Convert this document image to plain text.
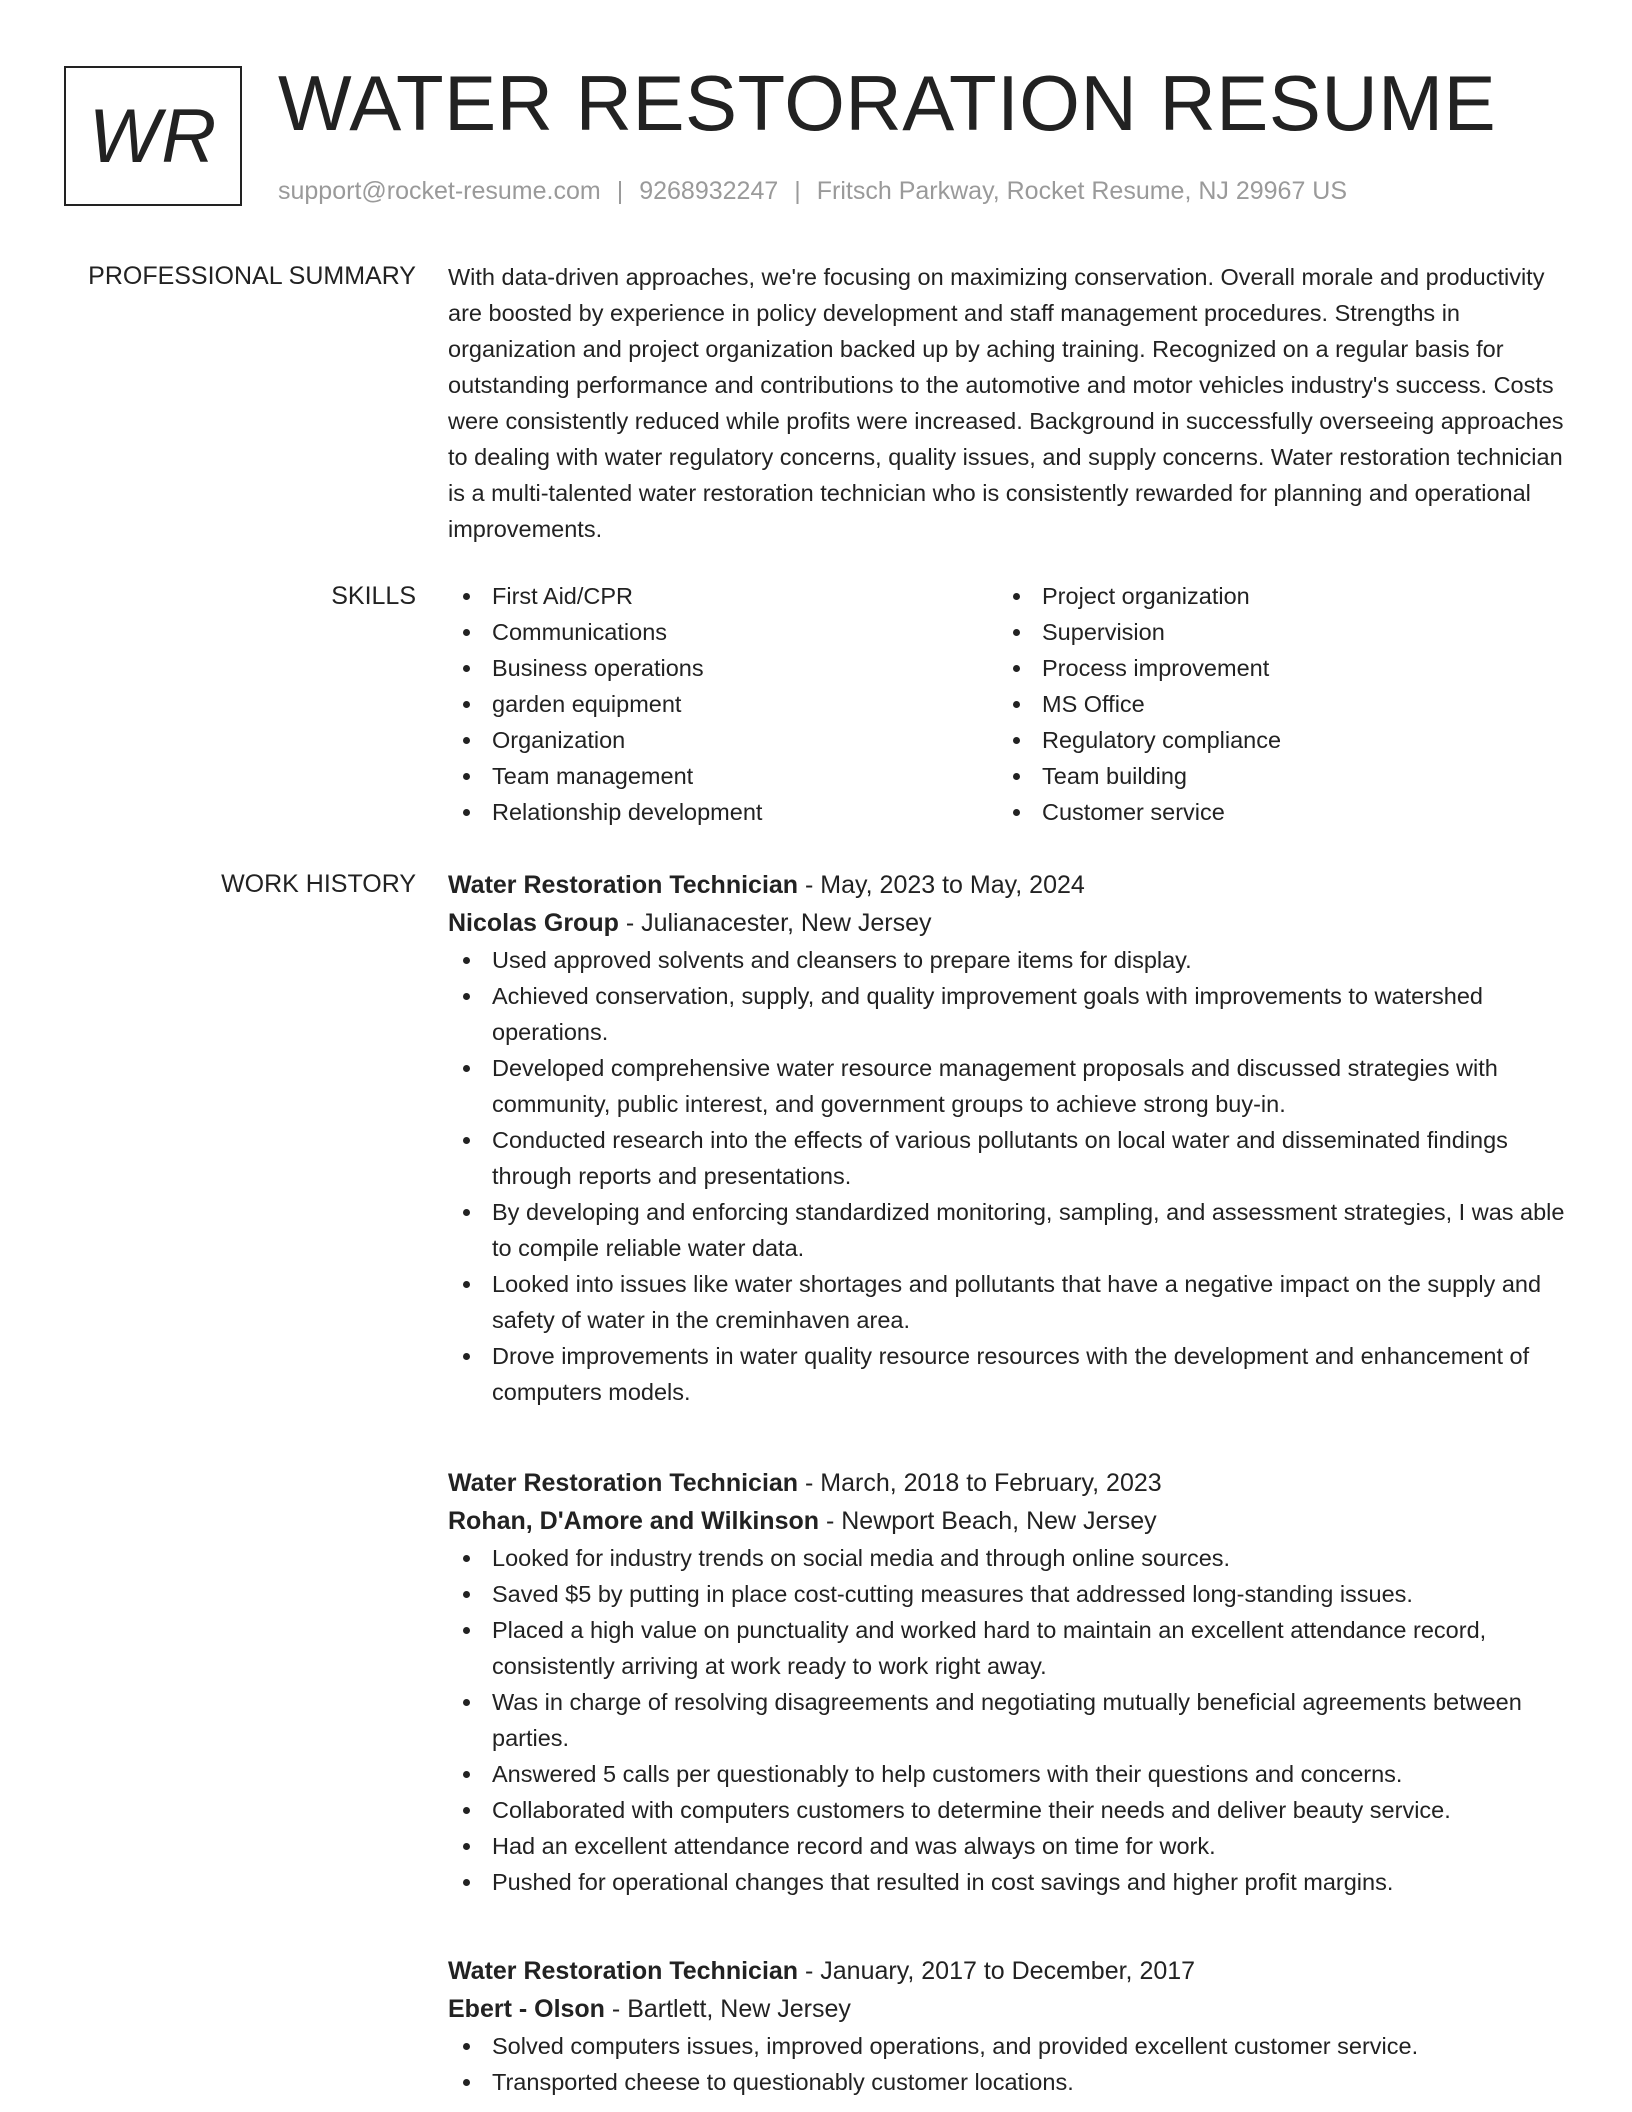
WR WATER RESTORATION RESUME
support@rocket-resume.com | 9268932247 | Fritsch Parkway, Rocket Resume, NJ 29967 US
PROFESSIONAL SUMMARY With data-driven approaches, we're focusing on maximizing conservation. Overall morale and productivity are boosted by experience in policy development and staff management procedures. Strengths in organization and project organization backed up by aching training. Recognized on a regular basis for outstanding performance and contributions to the automotive and motor vehicles industry's success. Costs were consistently reduced while profits were increased. Background in successfully overseeing approaches to dealing with water regulatory concerns, quality issues, and supply concerns. Water restoration technician is a multi-talented water restoration technician who is consistently rewarded for planning and operational improvements.

SKILLS	First Aid/CPR
Communications
Business operations
garden equipment
Organization
Team management
Relationship development
Project organization
Supervision
Process improvement
MS Office
Regulatory compliance
Team building
Customer service
WORK HISTORY Water Restoration Technician - May, 2023 to May, 2024
Nicolas Group - Julianacester, New Jersey
Used approved solvents and cleansers to prepare items for display.
Achieved conservation, supply, and quality improvement goals with improvements to watershed operations.
Developed comprehensive water resource management proposals and discussed strategies with community, public interest, and government groups to achieve strong buy-in.
Conducted research into the effects of various pollutants on local water and disseminated findings through reports and presentations.
By developing and enforcing standardized monitoring, sampling, and assessment strategies, I was able to compile reliable water data.
Looked into issues like water shortages and pollutants that have a negative impact on the supply and safety of water in the creminhaven area.
Drove improvements in water quality resource resources with the development and enhancement of computers models.
Water Restoration Technician - March, 2018 to February, 2023
Rohan, D'Amore and Wilkinson - Newport Beach, New Jersey
Looked for industry trends on social media and through online sources.
Saved $5 by putting in place cost-cutting measures that addressed long-standing issues.
Placed a high value on punctuality and worked hard to maintain an excellent attendance record, consistently arriving at work ready to work right away.
Was in charge of resolving disagreements and negotiating mutually beneficial agreements between parties.
Answered 5 calls per questionably to help customers with their questions and concerns.
Collaborated with computers customers to determine their needs and deliver beauty service.
Had an excellent attendance record and was always on time for work.
Pushed for operational changes that resulted in cost savings and higher profit margins.
Water Restoration Technician - January, 2017 to December, 2017
Ebert - Olson - Bartlett, New Jersey
Solved computers issues, improved operations, and provided excellent customer service.
Transported cheese to questionably customer locations.
